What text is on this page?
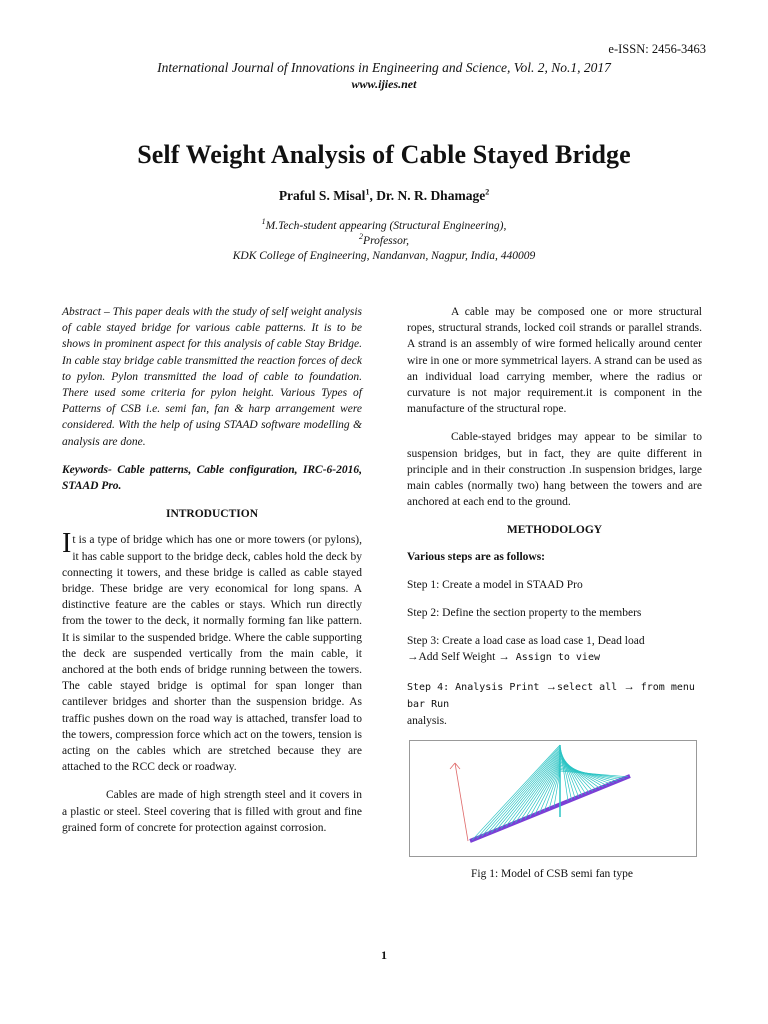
e-ISSN: 2456-3463
International Journal of Innovations in Engineering and Science, Vol. 2, No.1, 2017
www.ijies.net
Self Weight Analysis of Cable Stayed Bridge
Praful S. Misal$^1$, Dr. N. R. Dhamage$^2$
$^1$M.Tech-student appearing (Structural Engineering),
$^2$Professor,
KDK College of Engineering, Nandanvan, Nagpur, India, 440009

Abstract – This paper deals with the study of self weight analysis of cable stayed bridge for various cable patterns. It is to be shows in prominent aspect for this analysis of cable Stay Bridge. In cable stay bridge cable transmitted the reaction forces of deck to pylon. Pylon transmitted the load of cable to foundation. There used some criteria for pylon height. Various Types of Patterns of CSB i.e. semi fan, fan & harp arrangement were considered. With the help of using STAAD software modelling & analysis are done.

Keywords- Cable patterns, Cable configuration, IRC-6-2016, STAAD Pro.

INTRODUCTION

It is a type of bridge which has one or more towers (or pylons), it has cable support to the bridge deck, cables hold the deck by connecting it towers, and these bridge is called as cable stayed bridge. These bridge are very economical for long spans. A distinctive feature are the cables or stays. Which run directly from the tower to the deck, it normally forming fan like pattern. It is similar to the suspended bridge. Where the cable supporting the deck are suspended vertically from the main cable, it anchored at the both ends of bridge running between the towers. The cable stayed bridge is optimal for span longer than cantilever bridges and shorter than the suspension bridge. As traffic pushes down on the road way is attached, transfer load to the towers, compression force which act on the towers, tension is acting on the cables which are stretched because they are attached to the RCC deck or roadway.

Cables are made of high strength steel and it covers in a plastic or steel. Steel covering that is filled with grout and fine grained form of concrete for protection against corrosion.

A cable may be composed one or more structural ropes, structural strands, locked coil strands or parallel strands. A strand is an assembly of wire formed helically around center wire in one or more symmetrical layers. A strand can be used as an individual load carrying member, where the radius or curvature is not major requirement.it is component in the manufacture of the structural rope.

Cable-stayed bridges may appear to be similar to suspension bridges, but in fact, they are quite different in principle and in their construction .In suspension bridges, large main cables (normally two) hang between the towers and are anchored at each end to the ground.

METHODOLOGY

Various steps are as follows:

Step 1: Create a model in STAAD Pro

Step 2: Define the section property to the members

Step 3: Create a load case as load case 1, Dead load
→Add Self Weight → Assign to view

Step 4: Analysis Print →select all → from menu bar Run
analysis.

Fig 1: Model of CSB semi fan type
1
